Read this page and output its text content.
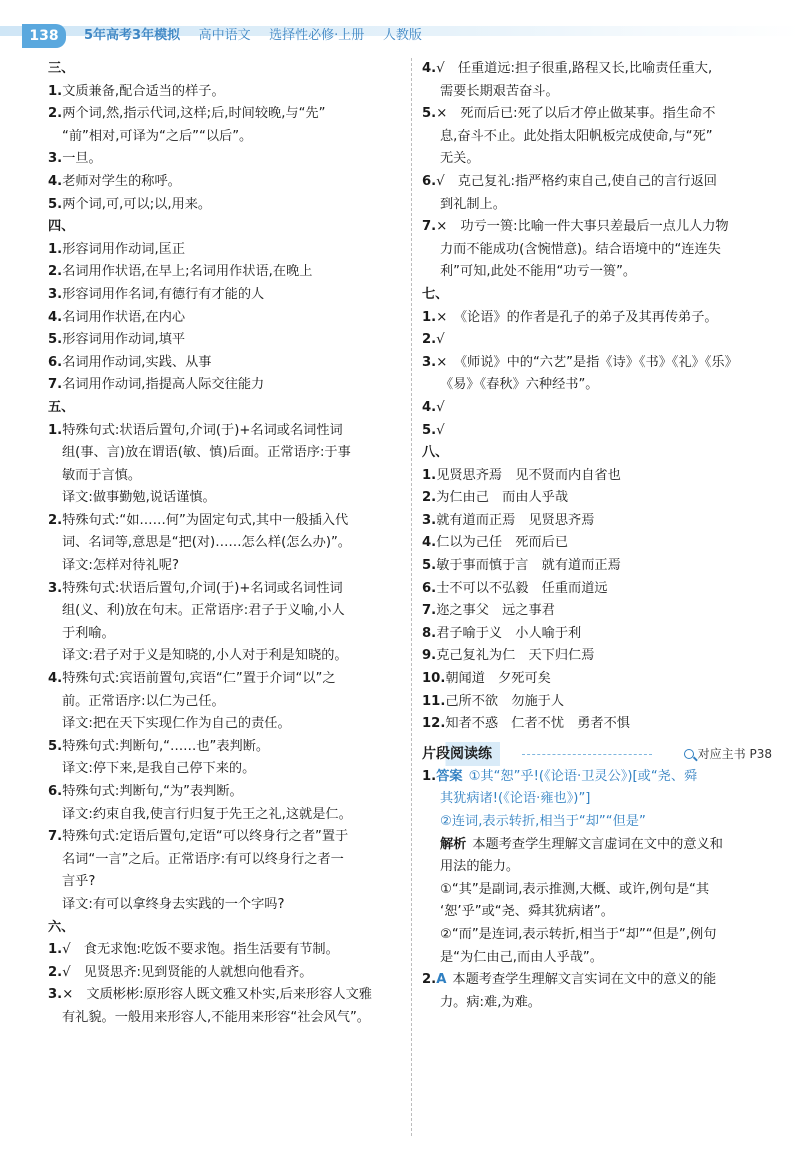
138	5年高考3年模拟 高中语文 选择性必修·上册 人教版
三、
1.文质兼备,配合适当的样子。
2.两个词,然,指示代词,这样;后,时间较晚,与“先”
“前”相对,可译为“之后”“以后”。
3.一旦。
4.老师对学生的称呼。
5.两个词,可,可以;以,用来。
四、
1.形容词用作动词,匡正
2.名词用作状语,在早上;名词用作状语,在晚上
3.形容词用作名词,有德行有才能的人
4.名词用作状语,在内心
5.形容词用作动词,填平
6.名词用作动词,实践、从事
7.名词用作动词,指提高人际交往能力
五、
1.特殊句式:状语后置句,介词(于)+名词或名词性词
组(事、言)放在谓语(敏、慎)后面。正常语序:于事
敏而于言慎。
译文:做事勤勉,说话谨慎。
2.特殊句式:“如……何”为固定句式,其中一般插入代
词、名词等,意思是“把(对)……怎么样(怎么办)”。
译文:怎样对待礼呢?
3.特殊句式:状语后置句,介词(于)+名词或名词性词
组(义、利)放在句末。正常语序:君子于义喻,小人
于利喻。
译文:君子对于义是知晓的,小人对于利是知晓的。
4.特殊句式:宾语前置句,宾语“仁”置于介词“以”之
前。正常语序:以仁为己任。
译文:把在天下实现仁作为自己的责任。
5.特殊句式:判断句,“……也”表判断。
译文:停下来,是我自己停下来的。
6.特殊句式:判断句,“为”表判断。
译文:约束自我,使言行归复于先王之礼,这就是仁。
7.特殊句式:定语后置句,定语“可以终身行之者”置于
名词“一言”之后。正常语序:有可以终身行之者一
言乎?
译文:有可以拿终身去实践的一个字吗?
六、
1.√　食无求饱:吃饭不要求饱。指生活要有节制。
2.√　见贤思齐:见到贤能的人就想向他看齐。
3.×　文质彬彬:原形容人既文雅又朴实,后来形容人文雅
有礼貌。一般用来形容人,不能用来形容“社会风气”。
4.√　任重道远:担子很重,路程又长,比喻责任重大,
需要长期艰苦奋斗。
5.×　死而后已:死了以后才停止做某事。指生命不
息,奋斗不止。此处指太阳帆板完成使命,与“死”
无关。
6.√　克己复礼:指严格约束自己,使自己的言行返回
到礼制上。
7.×　功亏一篑:比喻一件大事只差最后一点儿人力物
力而不能成功(含惋惜意)。结合语境中的“连连失
利”可知,此处不能用“功亏一篑”。
七、
1.×　《论语》的作者是孔子的弟子及其再传弟子。
2.√
3.×　《师说》中的“六艺”是指《诗》《书》《礼》《乐》
《易》《春秋》六种经书”。
4.√
5.√
八、
1.见贤思齐焉　见不贤而内自省也
2.为仁由己　而由人乎哉
3.就有道而正焉　见贤思齐焉
4.仁以为己任　死而后已
5.敏于事而慎于言　就有道而正焉
6.士不可以不弘毅　任重而道远
7.迩之事父　远之事君
8.君子喻于义　小人喻于利
9.克己复礼为仁　天下归仁焉
10.朝闻道　夕死可矣
11.己所不欲　勿施于人
12.知者不惑　仁者不忧　勇者不惧
片段阅读练	对应主书 P38
1.答案 ①其“恕”乎!(《论语·卫灵公》)[或“尧、舜
其犹病诸!(《论语·雍也》)”]
②连词,表示转折,相当于“却”“但是”
解析 本题考查学生理解文言虚词在文中的意义和
用法的能力。
①“其”是副词,表示推测,大概、或许,例句是“其
‘恕’乎”或“尧、舜其犹病诸”。
②“而”是连词,表示转折,相当于“却”“但是”,例句
是“为仁由己,而由人乎哉”。
2.A 本题考查学生理解文言实词在文中的意义的能
力。病:难,为难。
